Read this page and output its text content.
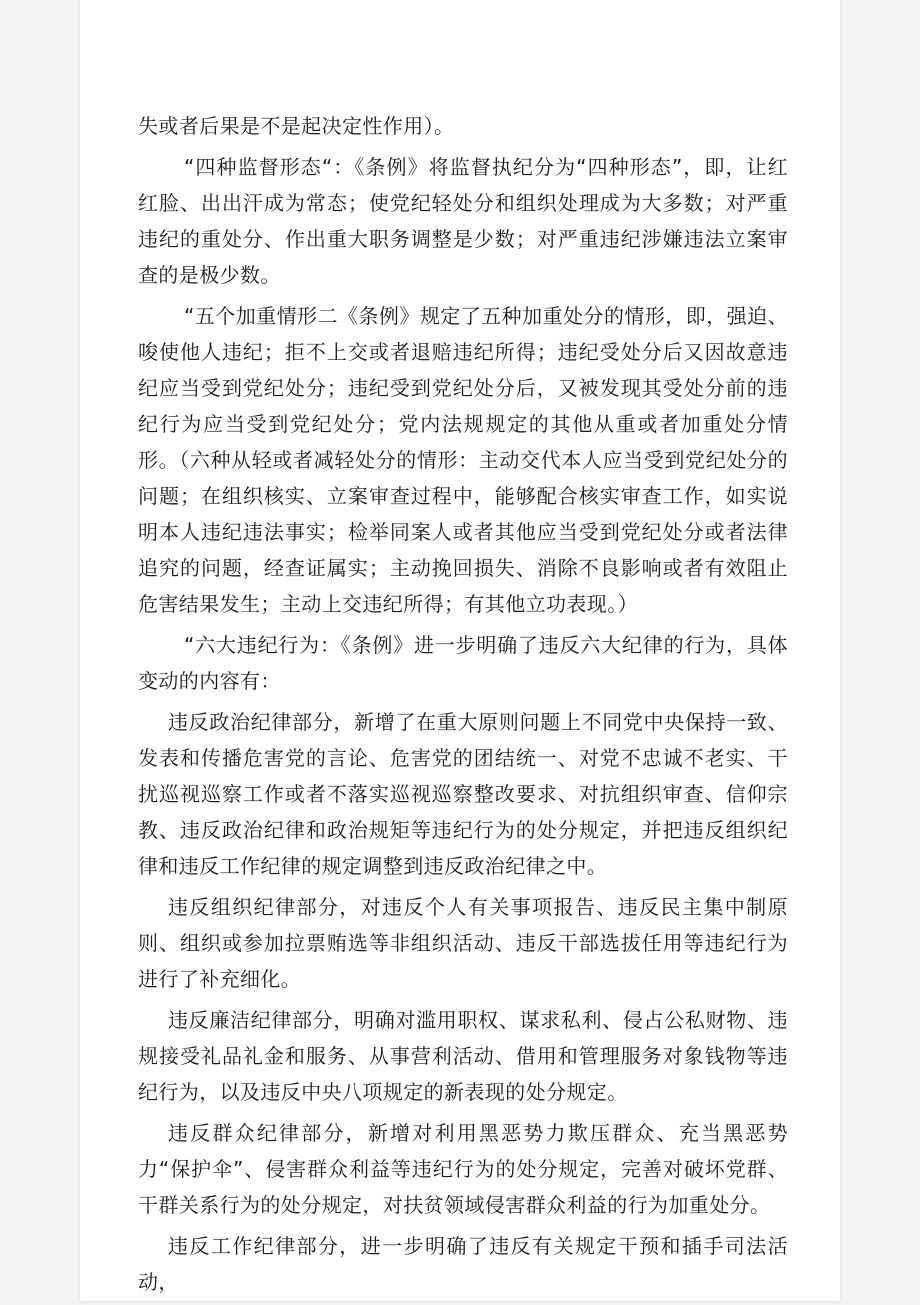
失或者后果是不是起决定性作用）。

“四种监督形态“：《条例》将监督执纪分为“四种形态”，即，让红红脸、出出汗成为常态；使党纪轻处分和组织处理成为大多数；对严重违纪的重处分、作出重大职务调整是少数；对严重违纪涉嫌违法立案审查的是极少数。

“五个加重情形二《条例》规定了五种加重处分的情形，即，强迫、唆使他人违纪；拒不上交或者退赔违纪所得；违纪受处分后又因故意违纪应当受到党纪处分；违纪受到党纪处分后，又被发现其受处分前的违纪行为应当受到党纪处分；党内法规规定的其他从重或者加重处分情形。（六种从轻或者减轻处分的情形：主动交代本人应当受到党纪处分的问题；在组织核实、立案审查过程中，能够配合核实审查工作，如实说明本人违纪违法事实；检举同案人或者其他应当受到党纪处分或者法律追究的问题，经查证属实；主动挽回损失、消除不良影响或者有效阻止危害结果发生；主动上交违纪所得；有其他立功表现。）

“六大违纪行为：《条例》进一步明确了违反六大纪律的行为，具体变动的内容有：

违反政治纪律部分，新增了在重大原则问题上不同党中央保持一致、发表和传播危害党的言论、危害党的团结统一、对党不忠诚不老实、干扰巡视巡察工作或者不落实巡视巡察整改要求、对抗组织审查、信仰宗教、违反政治纪律和政治规矩等违纪行为的处分规定，并把违反组织纪律和违反工作纪律的规定调整到违反政治纪律之中。

违反组织纪律部分，对违反个人有关事项报告、违反民主集中制原则、组织或参加拉票贿选等非组织活动、违反干部选拔任用等违纪行为进行了补充细化。

违反廉洁纪律部分，明确对滥用职权、谋求私利、侵占公私财物、违规接受礼品礼金和服务、从事营利活动、借用和管理服务对象钱物等违纪行为，以及违反中央八项规定的新表现的处分规定。

违反群众纪律部分，新增对利用黑恶势力欺压群众、充当黑恶势力“保护伞”、侵害群众利益等违纪行为的处分规定，完善对破坏党群、干群关系行为的处分规定，对扶贫领域侵害群众利益的行为加重处分。

违反工作纪律部分，进一步明确了违反有关规定干预和插手司法活动，
